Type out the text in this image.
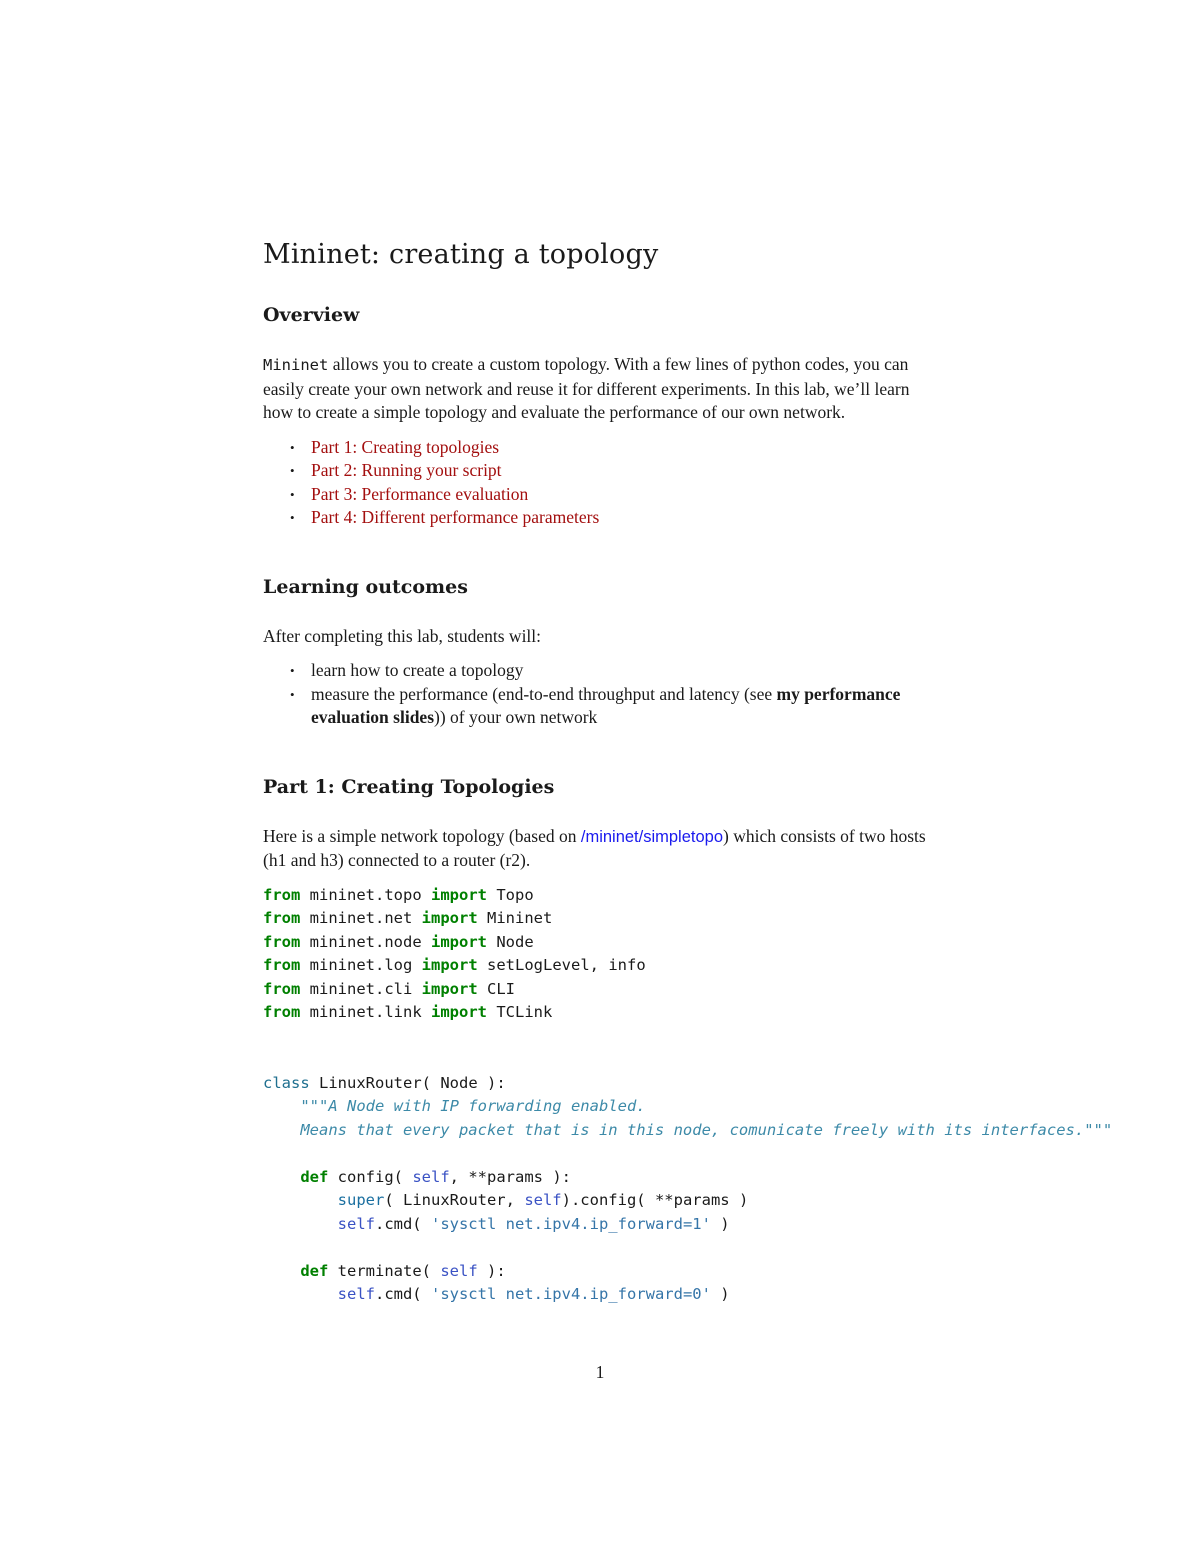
Mininet: creating a topology
Overview

Mininet allows you to create a custom topology. With a few lines of python codes, you can easily create your own network and reuse it for different experiments. In this lab, we’ll learn how to create a simple topology and evaluate the performance of our own network.

• Part 1: Creating topologies
• Part 2: Running your script
• Part 3: Performance evaluation
• Part 4: Different performance parameters
Learning outcomes

After completing this lab, students will:

• learn how to create a topology
• measure the performance (end-to-end throughput and latency (see my performance evaluation slides)) of your own network
Part 1: Creating Topologies

Here is a simple network topology (based on /mininet/simpletopo) which consists of two hosts (h1 and h3) connected to a router (r2).

from mininet.topo import Topo
from mininet.net import Mininet
from mininet.node import Node
from mininet.log import setLogLevel, info
from mininet.cli import CLI
from mininet.link import TCLink

class LinuxRouter( Node ):
"""A Node with IP forwarding enabled.
Means that every packet that is in this node, comunicate freely with its interfaces."""

def config( self, **params ):
super( LinuxRouter, self).config( **params )
self.cmd( 'sysctl net.ipv4.ip_forward=1' )

def terminate( self ):
self.cmd( 'sysctl net.ipv4.ip_forward=0' )
1
